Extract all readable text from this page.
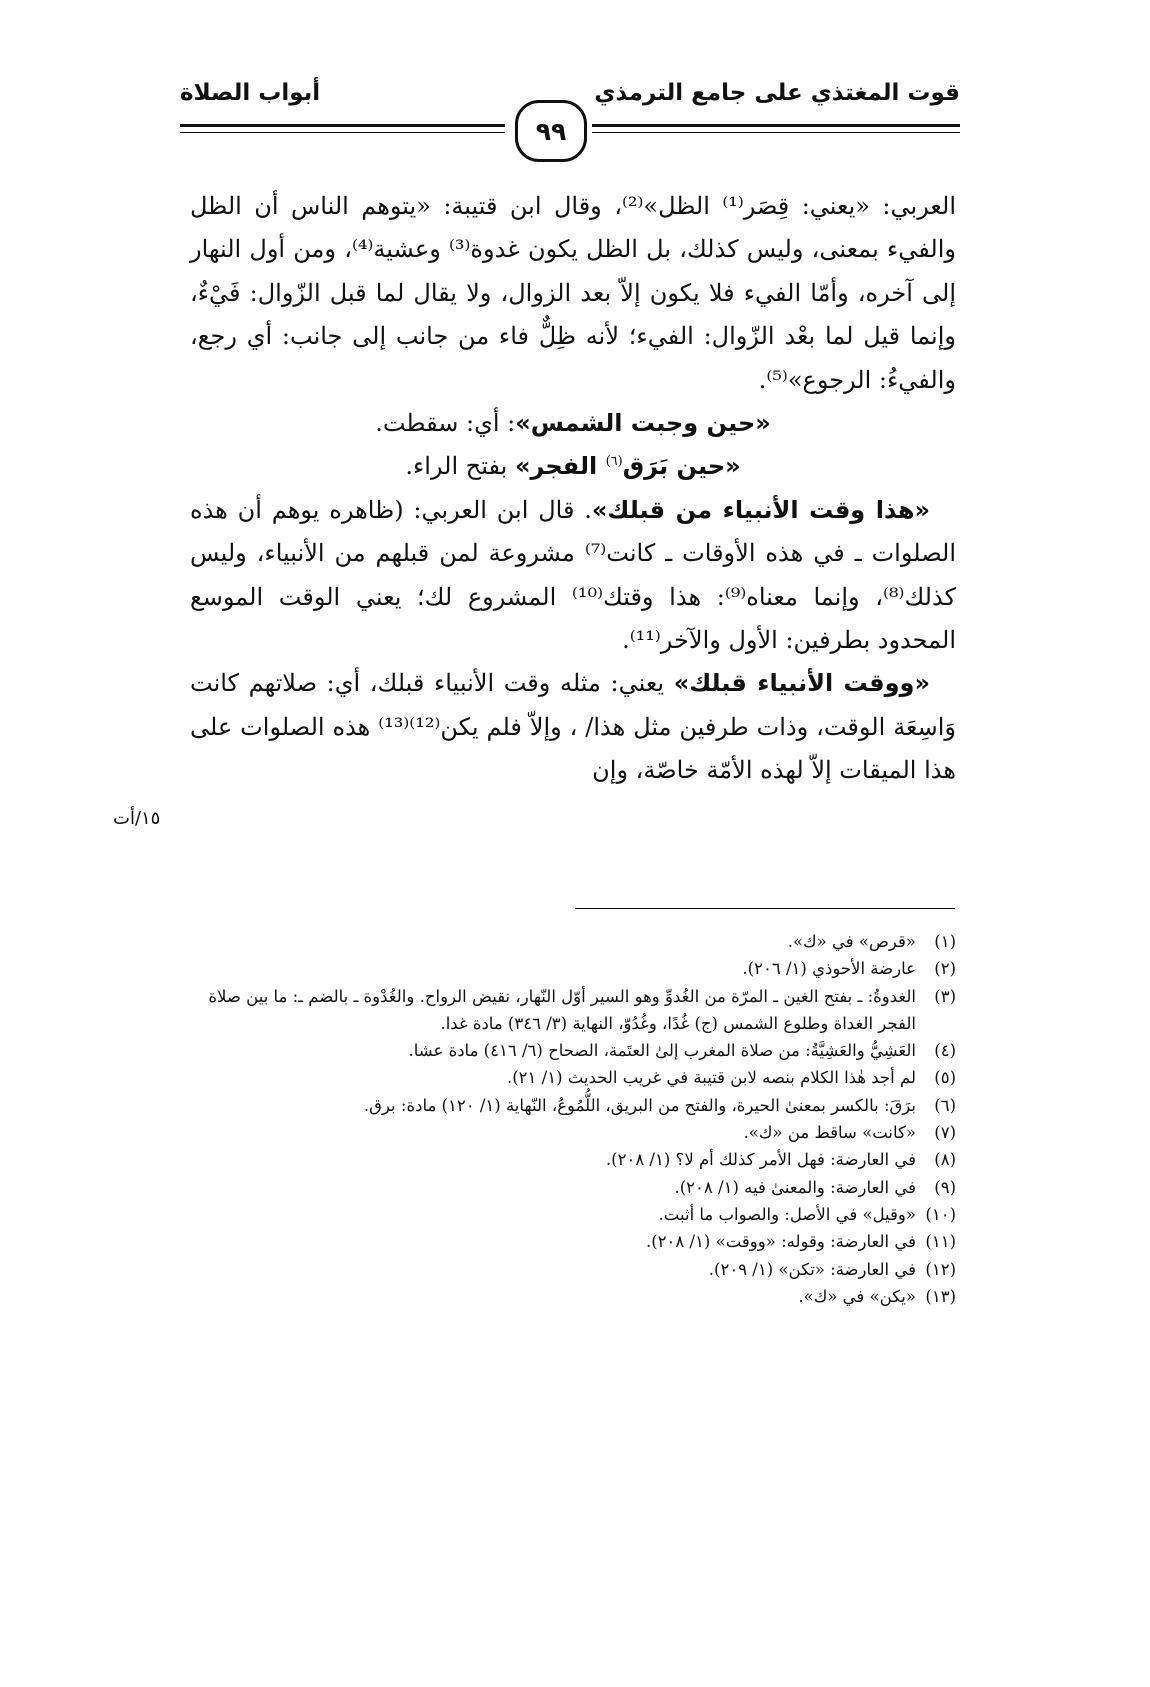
قوت المغتذي على جامع الترمذي
أبواب الصلاة
٩٩

العربي: «يعني: قِصَر⁽¹⁾ الظل»⁽²⁾، وقال ابن قتيبة: «يتوهم الناس أن الظل والفيء بمعنى، وليس كذلك، بل الظل يكون غدوة⁽³⁾ وعشية⁽⁴⁾، ومن أول النهار إلى آخره، وأمّا الفيء فلا يكون إلاّ بعد الزوال، ولا يقال لما قبل الزّوال: فَيْءٌ، وإنما قيل لما بعْد الزّوال: الفيء؛ لأنه ظِلٌّ فاء من جانب إلى جانب: أي رجع، والفيءُ: الرجوع»⁽⁵⁾.

«حين وجبت الشمس»: أي: سقطت.

«حين بَرَق$^{(٦)}$ الفجر» بفتح الراء.

«هذا وقت الأنبياء من قبلك». قال ابن العربي: (ظاهره يوهم أن هذه الصلوات ـ في هذه الأوقات ـ كانت⁽⁷⁾ مشروعة لمن قبلهم من الأنبياء، وليس كذلك⁽⁸⁾، وإنما معناه⁽⁹⁾: هذا وقتك⁽¹⁰⁾ المشروع لك؛ يعني الوقت الموسع المحدود بطرفين: الأول والآخر⁽¹¹⁾.

«ووقت الأنبياء قبلك» يعني: مثله وقت الأنبياء قبلك، أي: صلاتهم كانت وَاسِعَة الوقت، وذات طرفين مثل هذا/ ، وإلاّ فلم يكن⁽¹²⁾⁽¹³⁾ هذه الصلوات على هذا الميقات إلاّ لهذه الأمّة خاصّة، وإن

١٥/أت
(١)
«قرص» في «ك».
(٢)
عارضة الأحوذي (١/ ٢٠٦).
(٣)
الغدوةُ: ـ بفتح الغين ـ المرّة من الغُدوِّ وهو السير أوّل النّهار، نقيض الرواح. والغُدْوة ـ بالضم ـ: ما بين صلاة الفجر الغداة وطلوع الشمس (ج) غُدًا، وغُدُوّ، النهاية (٣/ ٣٤٦) مادة غدا.
(٤)
العَشِيُّ والعَشِيَّةُ: من صلاة المغرب إلىٰ العتَمة، الصحاح (٦/ ٤١٦) مادة عشا.
(٥)
لم أجد هٰذا الكلام بنصه لابن قتيبة في غريب الحديث (١/ ٢١).
(٦)
برَقَ: بالكسر بمعنىٰ الحيرة، والفتح من البريق، اللُّمُوعُ، النّهاية (١/ ١٢٠) مادة: برق.
(٧)
«كانت» ساقط من «ك».
(٨)
في العارضة: فهل الأمر كذلك أم لا؟ (١/ ٢٠٨).
(٩)
في العارضة: والمعنىٰ فيه (١/ ٢٠٨).
(١٠)
«وقيل» في الأصل: والصواب ما أثبت.
(١١)
في العارضة: وقوله: «ووقت» (١/ ٢٠٨).
(١٢)
في العارضة: «تكن» (١/ ٢٠٩).
(١٣)
«يكن» في «ك».
